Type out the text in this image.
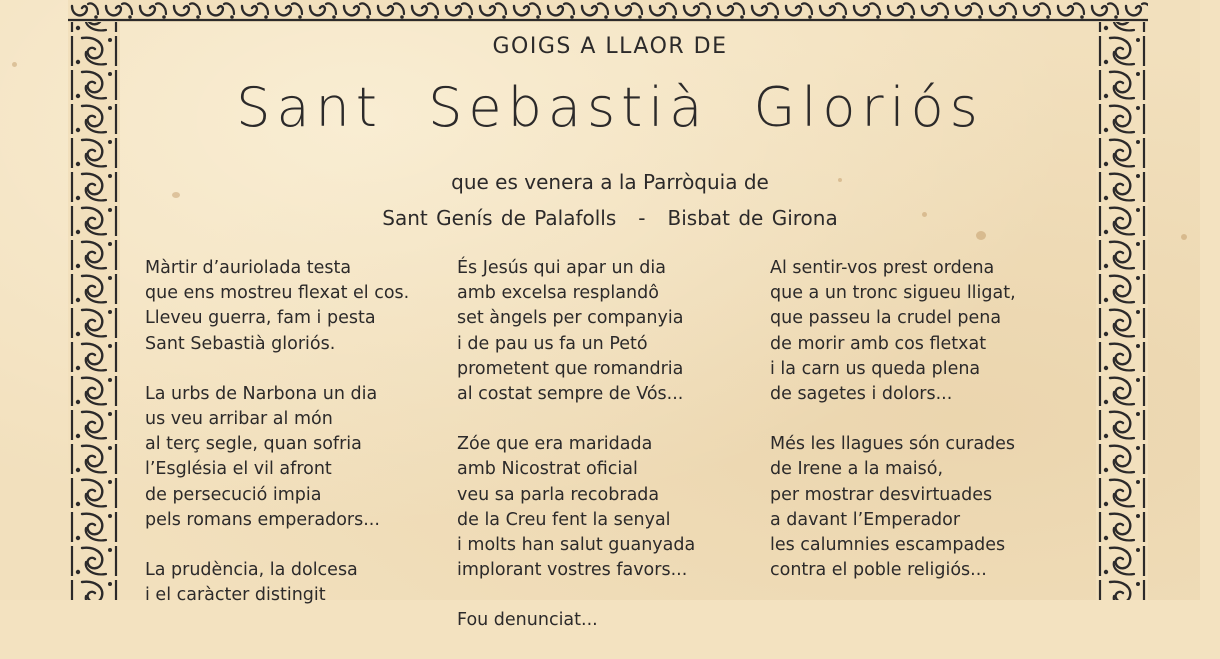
GOIGS A LLAOR DE
Sant Sebastià Gloriós
que es venera a la Parròquia de
Sant Genís de Palafolls - Bisbat de Girona
Màrtir d’auriolada testa
que ens mostreu flexat el cos.
Lleveu guerra, fam i pesta
Sant Sebastià gloriós.
La urbs de Narbona un dia
us veu arribar al món
al terç segle, quan sofria
l’Església el vil afront
de persecució impia
pels romans emperadors...
La prudència, la dolcesa
i el caràcter distingit
És Jesús qui apar un dia
amb excelsa resplandô
set àngels per companyia
i de pau us fa un Petó
prometent que romandria
al costat sempre de Vós...
Zóe que era maridada
amb Nicostrat oficial
veu sa parla recobrada
de la Creu fent la senyal
i molts han salut guanyada
implorant vostres favors...
Fou denunciat...
Al sentir-vos prest ordena
que a un tronc sigueu lligat,
que passeu la crudel pena
de morir amb cos fletxat
i la carn us queda plena
de sagetes i dolors...
Més les llagues són curades
de Irene a la maisó,
per mostrar desvirtuades
a davant l’Emperador
les calumnies escampades
contra el poble religiós...
